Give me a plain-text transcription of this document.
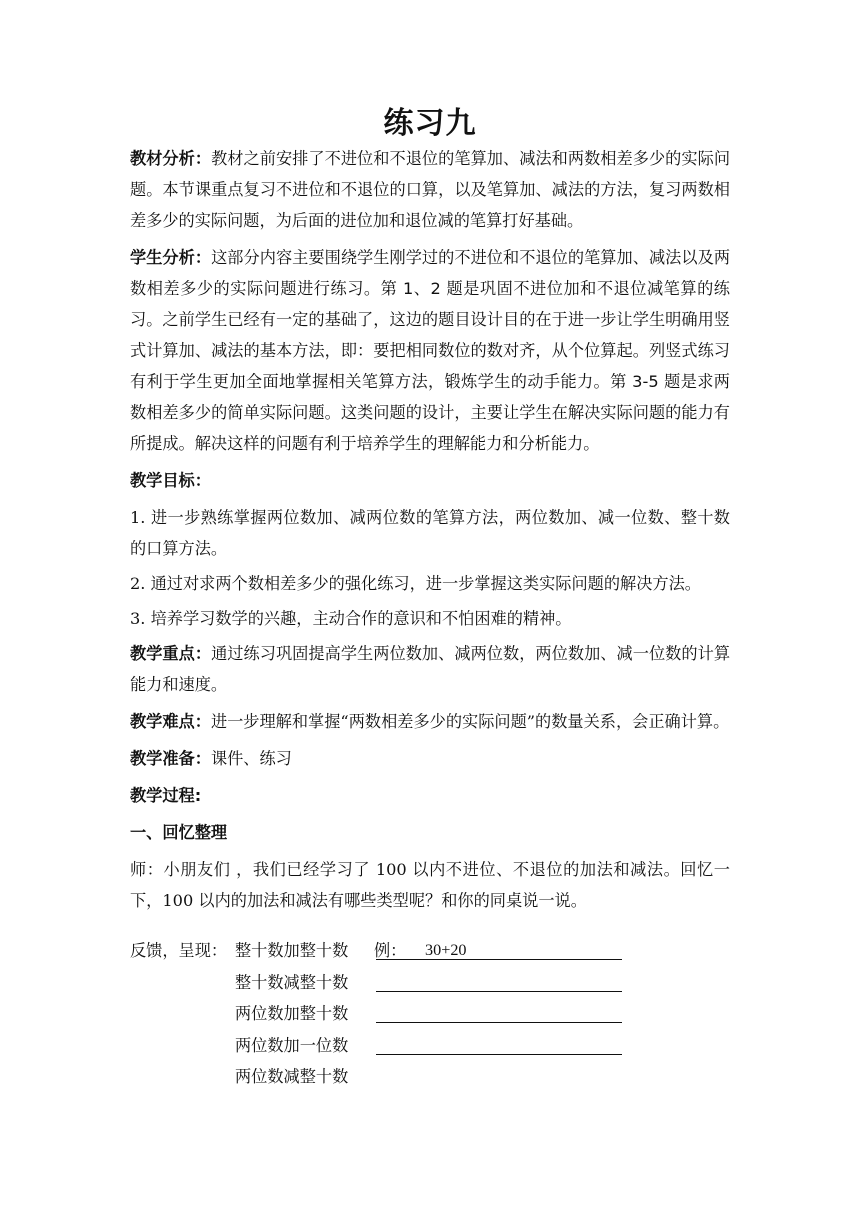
练习九

教材分析：教材之前安排了不进位和不退位的笔算加、减法和两数相差多少的实际问题。本节课重点复习不进位和不退位的口算，以及笔算加、减法的方法，复习两数相差多少的实际问题，为后面的进位加和退位减的笔算打好基础。

学生分析：这部分内容主要围绕学生刚学过的不进位和不退位的笔算加、减法以及两数相差多少的实际问题进行练习。第 1、2 题是巩固不进位加和不退位减笔算的练习。之前学生已经有一定的基础了，这边的题目设计目的在于进一步让学生明确用竖式计算加、减法的基本方法，即：要把相同数位的数对齐，从个位算起。列竖式练习有利于学生更加全面地掌握相关笔算方法，锻炼学生的动手能力。第 3-5 题是求两数相差多少的简单实际问题。这类问题的设计，主要让学生在解决实际问题的能力有所提成。解决这样的问题有利于培养学生的理解能力和分析能力。

教学目标：

1. 进一步熟练掌握两位数加、减两位数的笔算方法，两位数加、减一位数、整十数的口算方法。

2. 通过对求两个数相差多少的强化练习，进一步掌握这类实际问题的解决方法。

3. 培养学习数学的兴趣，主动合作的意识和不怕困难的精神。

教学重点：通过练习巩固提高学生两位数加、减两位数，两位数加、减一位数的计算能力和速度。

教学难点：进一步理解和掌握“两数相差多少的实际问题”的数量关系，会正确计算。

教学准备：课件、练习

教学过程:

一、回忆整理

师：小朋友们 ，我们已经学习了 100 以内不进位、不退位的加法和减法。回忆一下，100 以内的加法和减法有哪些类型呢？和你的同桌说一说。

反馈，呈现： 整十数加整十数 例： 30+20
整十数减整十数
两位数加整十数
两位数加一位数
两位数减整十数
